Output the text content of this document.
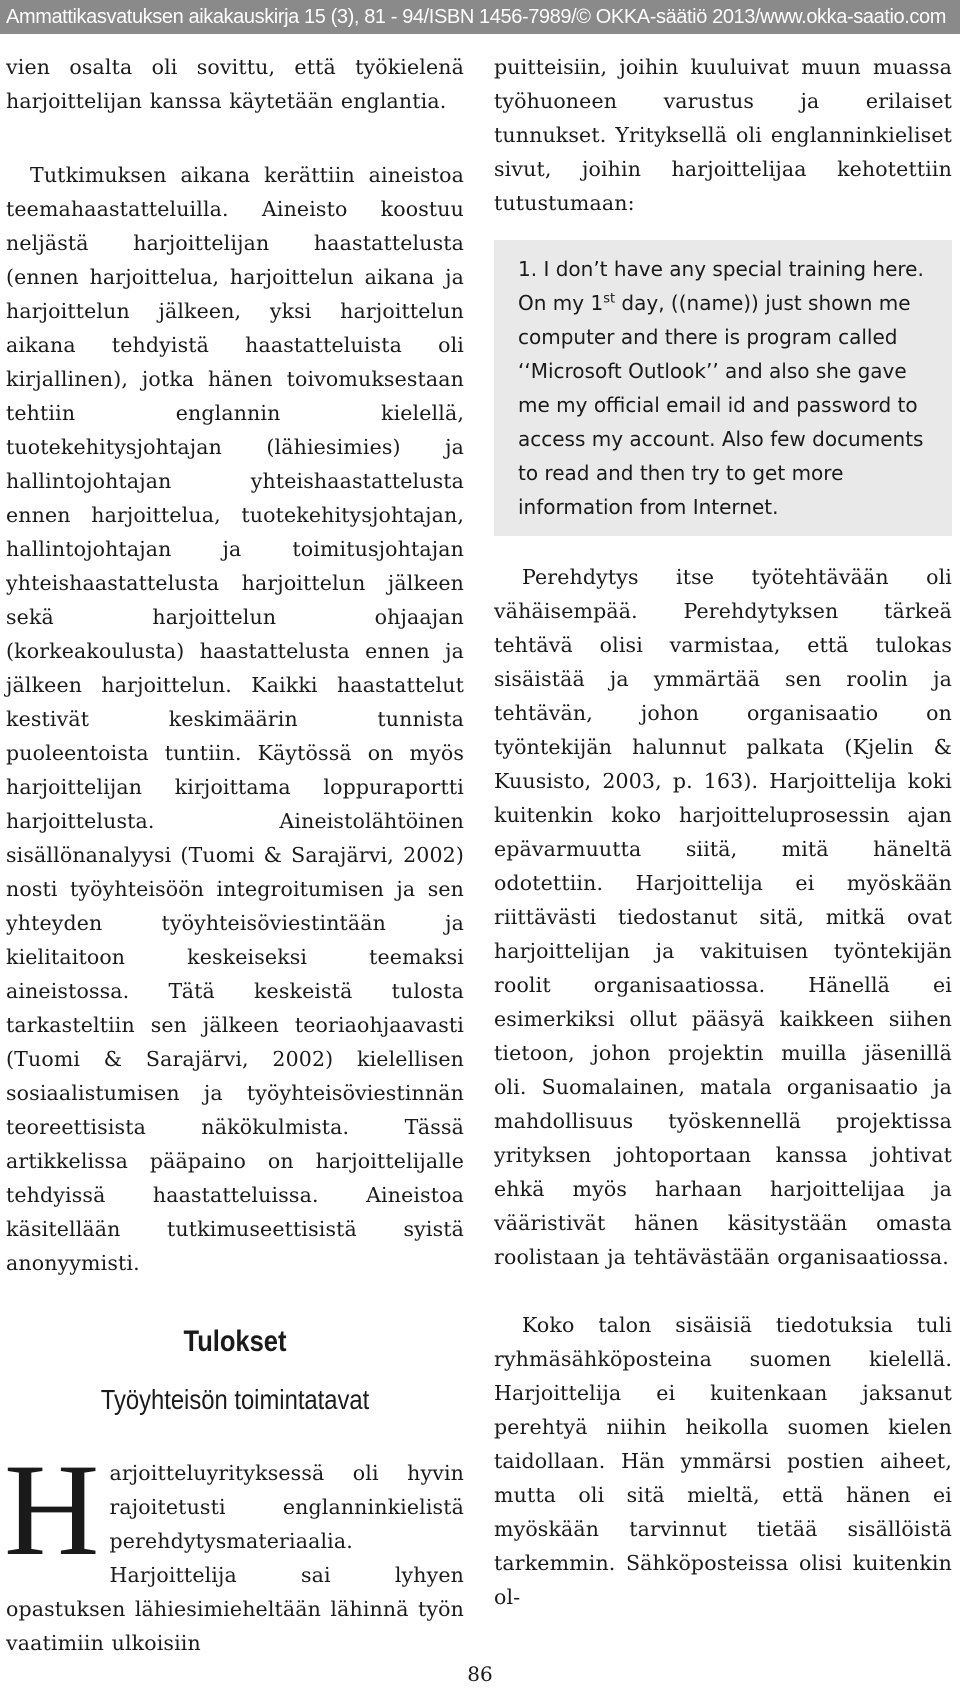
Ammattikasvatuksen aikakauskirja 15 (3), 81 - 94/ISBN 1456-7989/© OKKA-säätiö 2013/www.okka-saatio.com

vien osalta oli sovittu, että työkielenä harjoittelijan kanssa käytetään englantia.

Tutkimuksen aikana kerättiin aineistoa teemahaastatteluilla. Aineisto koostuu neljästä harjoittelijan haastattelusta (ennen harjoittelua, harjoittelun aikana ja harjoittelun jälkeen, yksi harjoittelun aikana tehdyistä haastatteluista oli kirjallinen), jotka hänen toivomuksestaan tehtiin englannin kielellä, tuotekehitysjohtajan (lähiesimies) ja hallintojohtajan yhteishaastattelusta ennen harjoittelua, tuotekehitysjohtajan, hallintojohtajan ja toimitusjohtajan yhteishaastattelusta harjoittelun jälkeen sekä harjoittelun ohjaajan (korkeakoulusta) haastattelusta ennen ja jälkeen harjoittelun. Kaikki haastattelut kestivät keskimäärin tunnista puoleentoista tuntiin. Käytössä on myös harjoittelijan kirjoittama loppuraportti harjoittelusta. Aineistolähtöinen sisällönanalyysi (Tuomi & Sarajärvi, 2002) nosti työyhteisöön integroitumisen ja sen yhteyden työyhteisöviestintään ja kielitaitoon keskeiseksi teemaksi aineistossa. Tätä keskeistä tulosta tarkasteltiin sen jälkeen teoriaohjaavasti (Tuomi & Sarajärvi, 2002) kielellisen sosiaalistumisen ja työyhteisöviestinnän teoreettisista näkökulmista. Tässä artikkelissa pääpaino on harjoittelijalle tehdyissä haastatteluissa. Aineistoa käsitellään tutkimuseettisistä syistä anonyymisti.

Tulokset
Työyhteisön toimintatavat

Harjoitteluyrityksessä oli hyvin rajoitetusti englanninkielistä perehdytysmateriaalia. Harjoittelija sai lyhyen opastuksen lähiesimieheltään lähinnä työn vaatimiin ulkoisiin

puitteisiin, joihin kuuluivat muun muassa työhuoneen varustus ja erilaiset tunnukset. Yrityksellä oli englanninkieliset sivut, joihin harjoittelijaa kehotettiin tutustumaan:

1. I don’t have any special training here. On my 1st day, ((name)) just shown me computer and there is program called ‘‘Microsoft Outlook’’ and also she gave me my official email id and password to access my account. Also few documents to read and then try to get more information from Internet.

Perehdytys itse työtehtävään oli vähäisempää. Perehdytyksen tärkeä tehtävä olisi varmistaa, että tulokas sisäistää ja ymmärtää sen roolin ja tehtävän, johon organisaatio on työntekijän halunnut palkata (Kjelin & Kuusisto, 2003, p. 163). Harjoittelija koki kuitenkin koko harjoitteluprosessin ajan epävarmuutta siitä, mitä häneltä odotettiin. Harjoittelija ei myöskään riittävästi tiedostanut sitä, mitkä ovat harjoittelijan ja vakituisen työntekijän roolit organisaatiossa. Hänellä ei esimerkiksi ollut pääsyä kaikkeen siihen tietoon, johon projektin muilla jäsenillä oli. Suomalainen, matala organisaatio ja mahdollisuus työskennellä projektissa yrityksen johtoportaan kanssa johtivat ehkä myös harhaan harjoittelijaa ja vääristivät hänen käsitystään omasta roolistaan ja tehtävästään organisaatiossa.

Koko talon sisäisiä tiedotuksia tuli ryhmäsähköposteina suomen kielellä. Harjoittelija ei kuitenkaan jaksanut perehtyä niihin heikolla suomen kielen taidollaan. Hän ymmärsi postien aiheet, mutta oli sitä mieltä, että hänen ei myöskään tarvinnut tietää sisällöistä tarkemmin. Sähköposteissa olisi kuitenkin ol-

86
